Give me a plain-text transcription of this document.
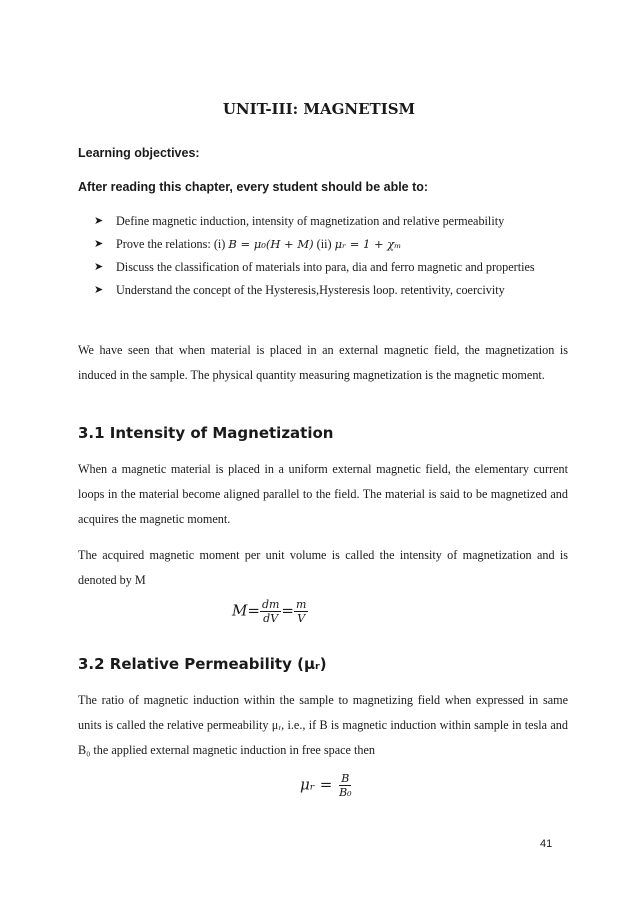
UNIT-III: MAGNETISM
Learning objectives:
After reading this chapter, every student should be able to:
➤ Define magnetic induction, intensity of magnetization and relative permeability
➤ Prove the relations: (i) B = μ₀(H + M) (ii) μᵣ = 1 + χₘ
➤ Discuss the classification of materials into para, dia and ferro magnetic and properties
➤ Understand the concept of the Hysteresis,Hysteresis loop. retentivity, coercivity
We have seen that when material is placed in an external magnetic field, the magnetization is induced in the sample. The physical quantity measuring magnetization is the magnetic moment.
3.1 Intensity of Magnetization
When a magnetic material is placed in a uniform external magnetic field, the elementary current loops in the material become aligned parallel to the field. The material is said to be magnetized and acquires the magnetic moment.
The acquired magnetic moment per unit volume is called the intensity of magnetization and is denoted by M
$M= \frac{dm}{dV} = \frac{m}{V}$
3.2 Relative Permeability (μᵣ)
The ratio of magnetic induction within the sample to magnetizing field when expressed in same units is called the relative permeability μᵣ, i.e., if B is magnetic induction within sample in tesla and B₀ the applied external magnetic induction in free space then
μᵣ = $\frac{B}{\text{B₀}}$
41
